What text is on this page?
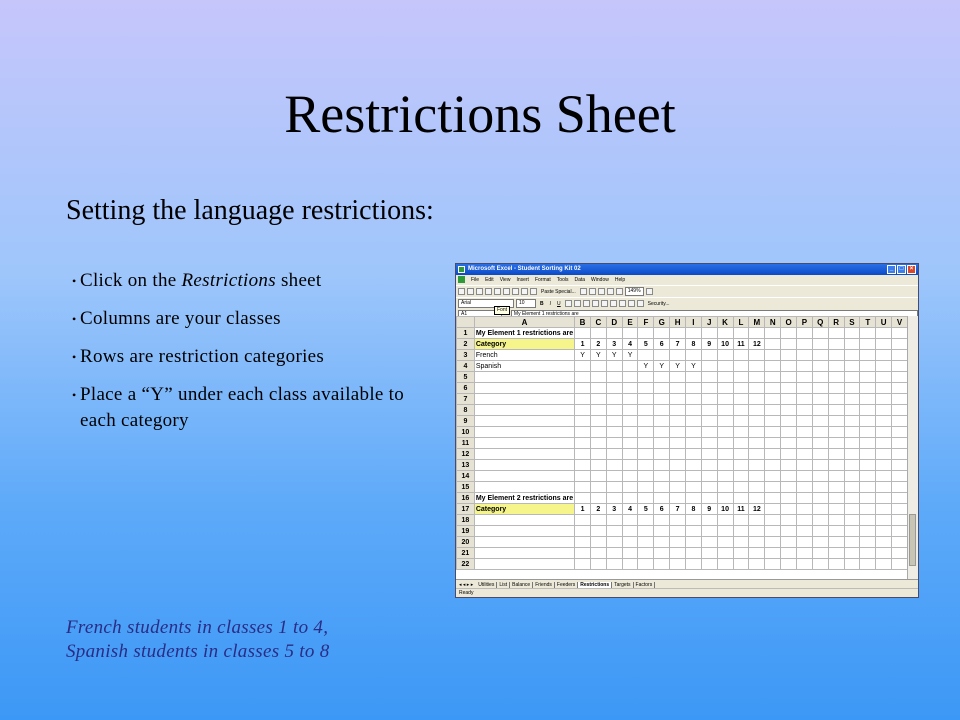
Restrictions Sheet
Setting the language restrictions:
• Click on the Restrictions sheet
• Columns are your classes
• Rows are restriction categories
• Place a “Y” under each class available to each category
French students in classes 1 to 4,
Spanish students in classes 5 to 8
Microsoft Excel - Student Sorting Kit 02	_	□	×
File Edit View Insert Format Tools Data Window Help
Paste Special...	149%
Arial	10	B	I	U	Security...
A1	My Element 1 restrictions are
Font
	A	B	C	D	E	F	G	H	I	J	K	L	M	N	O	P	Q	R	S	T	U	V
1	My Element 1 restrictions are																					
2	Category	1	2	3	4	5	6	7	8	9	10	11	12									
3	French	Y	Y	Y	Y																	
4	Spanish					Y	Y	Y	Y													
5																						
6																						
7																						
8																						
9																						
10																						
11																						
12																						
13																						
14																						
15																						
16	My Element 2 restrictions are																					
17	Category	1	2	3	4	5	6	7	8	9	10	11	12									
18																						
19																						
20																						
21																						
22																						
◂ ◂ ▸ ▸	Utilities	List	Balance	Friends	Feeders	Restrictions	Targets	Factors
Ready
